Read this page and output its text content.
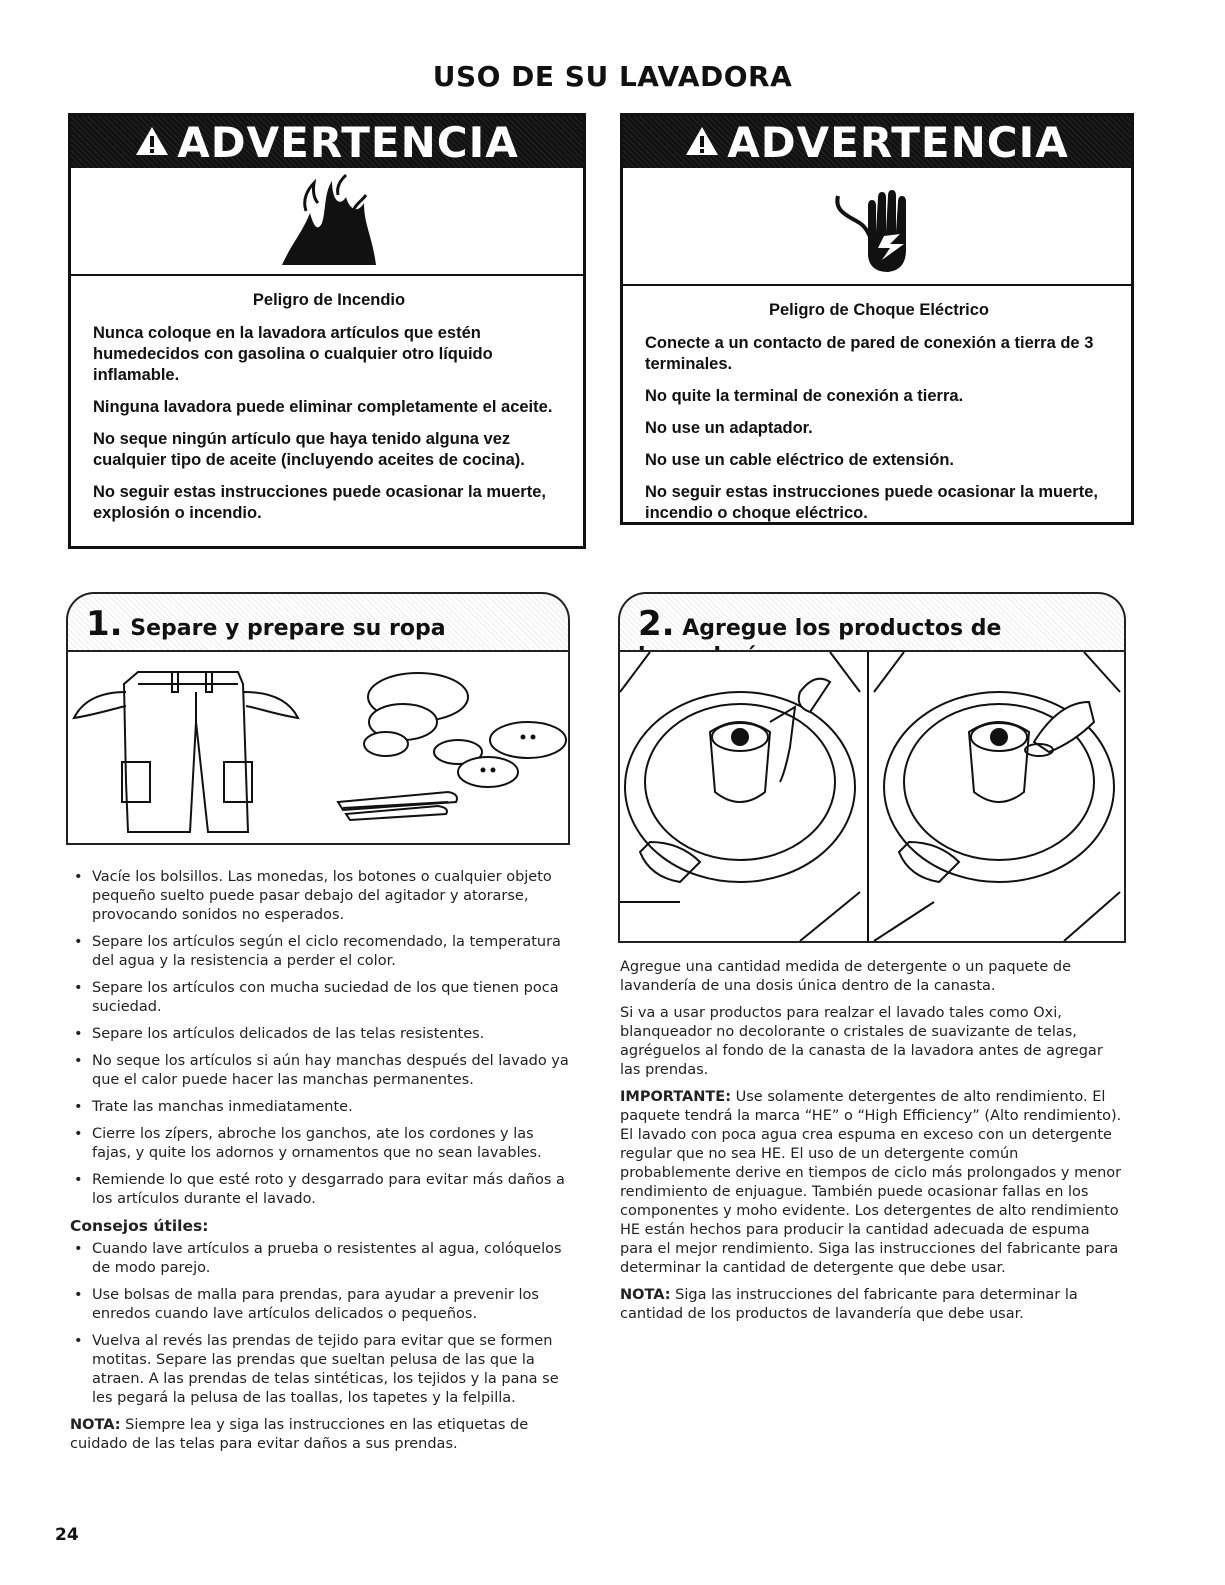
USO DE SU LAVADORA
ADVERTENCIA
Peligro de Incendio

Nunca coloque en la lavadora artículos que estén humedecidos con gasolina o cualquier otro líquido inflamable.

Ninguna lavadora puede eliminar completamente el aceite.

No seque ningún artículo que haya tenido alguna vez cualquier tipo de aceite (incluyendo aceites de cocina).

No seguir estas instrucciones puede ocasionar la muerte, explosión o incendio.

ADVERTENCIA
Peligro de Choque Eléctrico

Conecte a un contacto de pared de conexión a tierra de 3 terminales.

No quite la terminal de conexión a tierra.

No use un adaptador.

No use un cable eléctrico de extensión.

No seguir estas instrucciones puede ocasionar la muerte, incendio o choque eléctrico.

1. Separe y prepare su ropa
• Vacíe los bolsillos. Las monedas, los botones o cualquier objeto pequeño suelto puede pasar debajo del agitador y atorarse, provocando sonidos no esperados.
• Separe los artículos según el ciclo recomendado, la temperatura del agua y la resistencia a perder el color.
• Separe los artículos con mucha suciedad de los que tienen poca suciedad.
• Separe los artículos delicados de las telas resistentes.
• No seque los artículos si aún hay manchas después del lavado ya que el calor puede hacer las manchas permanentes.
• Trate las manchas inmediatamente.
• Cierre los zípers, abroche los ganchos, ate los cordones y las fajas, y quite los adornos y ornamentos que no sean lavables.
• Remiende lo que esté roto y desgarrado para evitar más daños a los artículos durante el lavado.
Consejos útiles:
• Cuando lave artículos a prueba o resistentes al agua, colóquelos de modo parejo.
• Use bolsas de malla para prendas, para ayudar a prevenir los enredos cuando lave artículos delicados o pequeños.
• Vuelva al revés las prendas de tejido para evitar que se formen motitas. Separe las prendas que sueltan pelusa de las que la atraen. A las prendas de telas sintéticas, los tejidos y la pana se les pegará la pelusa de las toallas, los tapetes y la felpilla.

NOTA: Siempre lea y siga las instrucciones en las etiquetas de cuidado de las telas para evitar daños a sus prendas.

2. Agregue los productos de

Agregue una cantidad medida de detergente o un paquete de lavandería de una dosis única dentro de la canasta.

Si va a usar productos para realzar el lavado tales como Oxi, blanqueador no decolorante o cristales de suavizante de telas, agréguelos al fondo de la canasta de la lavadora antes de agregar las prendas.

IMPORTANTE: Use solamente detergentes de alto rendimiento. El paquete tendrá la marca “HE” o “High Efficiency” (Alto rendimiento). El lavado con poca agua crea espuma en exceso con un detergente regular que no sea HE. El uso de un detergente común probablemente derive en tiempos de ciclo más prolongados y menor rendimiento de enjuague. También puede ocasionar fallas en los componentes y moho evidente. Los detergentes de alto rendimiento HE están hechos para producir la cantidad adecuada de espuma para el mejor rendimiento. Siga las instrucciones del fabricante para determinar la cantidad de detergente que debe usar.

NOTA: Siga las instrucciones del fabricante para determinar la cantidad de los productos de lavandería que debe usar.

24
